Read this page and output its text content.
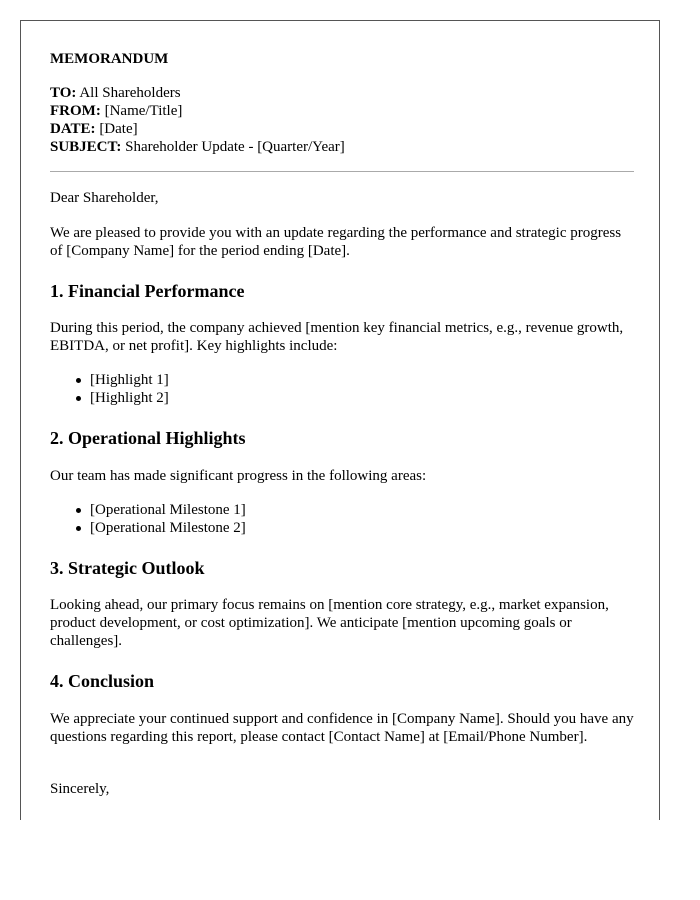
MEMORANDUM
TO: All Shareholders
FROM: [Name/Title]
DATE: [Date]
SUBJECT: Shareholder Update - [Quarter/Year]

Dear Shareholder,

We are pleased to provide you with an update regarding the performance and strategic progress of [Company Name] for the period ending [Date].

1. Financial Performance

During this period, the company achieved [mention key financial metrics, e.g., revenue growth, EBITDA, or net profit]. Key highlights include:

[Highlight 1]
[Highlight 2]
2. Operational Highlights

Our team has made significant progress in the following areas:

[Operational Milestone 1]
[Operational Milestone 2]
3. Strategic Outlook

Looking ahead, our primary focus remains on [mention core strategy, e.g., market expansion, product development, or cost optimization]. We anticipate [mention upcoming goals or challenges].

4. Conclusion

We appreciate your continued support and confidence in [Company Name]. Should you have any questions regarding this report, please contact [Contact Name] at [Email/Phone Number].

Sincerely,
